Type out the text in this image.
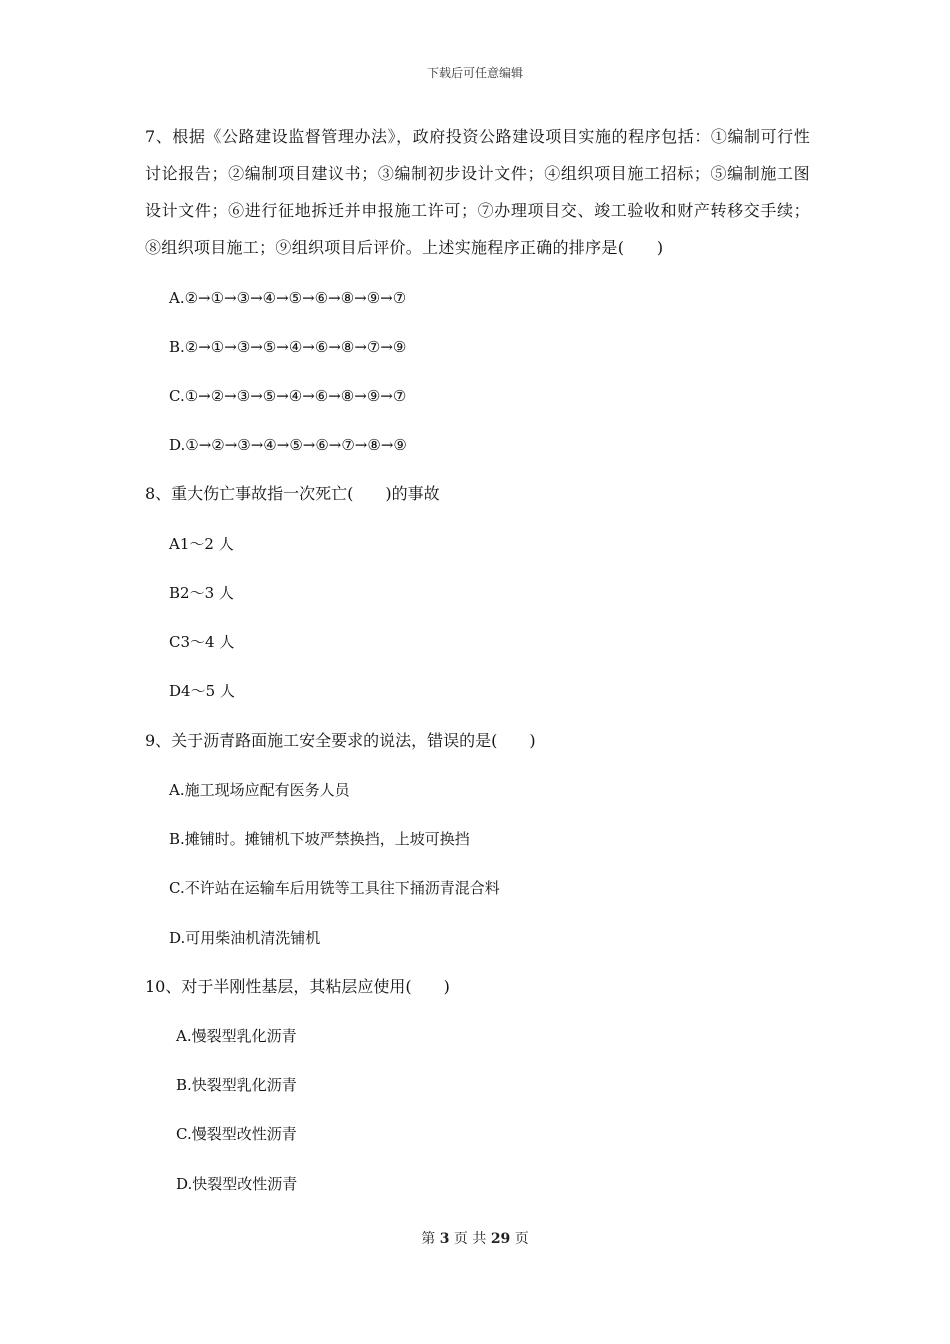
下载后可任意编辑

7、根据《公路建设监督管理办法》，政府投资公路建设项目实施的程序包括：①编制可行性讨论报告；②编制项目建议书；③编制初步设计文件；④组织项目施工招标；⑤编制施工图设计文件；⑥进行征地拆迁并申报施工许可；⑦办理项目交、竣工验收和财产转移交手续；⑧组织项目施工；⑨组织项目后评价。上述实施程序正确的排序是(　　)

A.②→①→③→④→⑤→⑥→⑧→⑨→⑦

B.②→①→③→⑤→④→⑥→⑧→⑦→⑨

C.①→②→③→⑤→④→⑥→⑧→⑨→⑦

D.①→②→③→④→⑤→⑥→⑦→⑧→⑨

8、重大伤亡事故指一次死亡(　　)的事故

A1～2 人

B2～3 人

C3～4 人

D4～5 人

9、关于沥青路面施工安全要求的说法，错误的是(　　)

A.施工现场应配有医务人员

B.摊铺时。摊铺机下坡严禁换挡，上坡可换挡

C.不许站在运输车后用铣等工具往下捅沥青混合料

D.可用柴油机清洗铺机

10、对于半刚性基层，其粘层应使用(　　)

A.慢裂型乳化沥青

B.快裂型乳化沥青

C.慢裂型改性沥青

D.快裂型改性沥青

第 3 页 共 29 页
